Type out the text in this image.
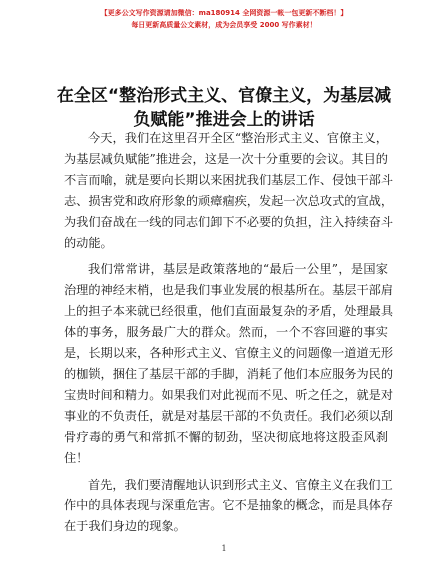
【更多公文写作资源请加微信：ma180914 全网资源一帐一包更新不断档！】
每日更新高质量公文素材，成为会员享受 2000 写作素材！
在全区“整治形式主义、官僚主义，为基层减
负赋能”推进会上的讲话

今天，我们在这里召开全区“整治形式主义、官僚主义，
为基层减负赋能”推进会，这是一次十分重要的会议。其目的
不言而喻，就是要向长期以来困扰我们基层工作、侵蚀干部斗
志、损害党和政府形象的顽瘴痼疾，发起一次总攻式的宣战，
为我们奋战在一线的同志们卸下不必要的负担，注入持续奋斗
的动能。

我们常常讲，基层是政策落地的“最后一公里”，是国家
治理的神经末梢，也是我们事业发展的根基所在。基层干部肩
上的担子本来就已经很重，他们直面最复杂的矛盾，处理最具
体的事务，服务最广大的群众。然而，一个不容回避的事实
是，长期以来，各种形式主义、官僚主义的问题像一道道无形
的枷锁，捆住了基层干部的手脚，消耗了他们本应服务为民的
宝贵时间和精力。如果我们对此视而不见、听之任之，就是对
事业的不负责任，就是对基层干部的不负责任。我们必须以刮
骨疗毒的勇气和常抓不懈的韧劲，坚决彻底地将这股歪风刹
住！

首先，我们要清醒地认识到形式主义、官僚主义在我们工
作中的具体表现与深重危害。它不是抽象的概念，而是具体存
在于我们身边的现象。

1
